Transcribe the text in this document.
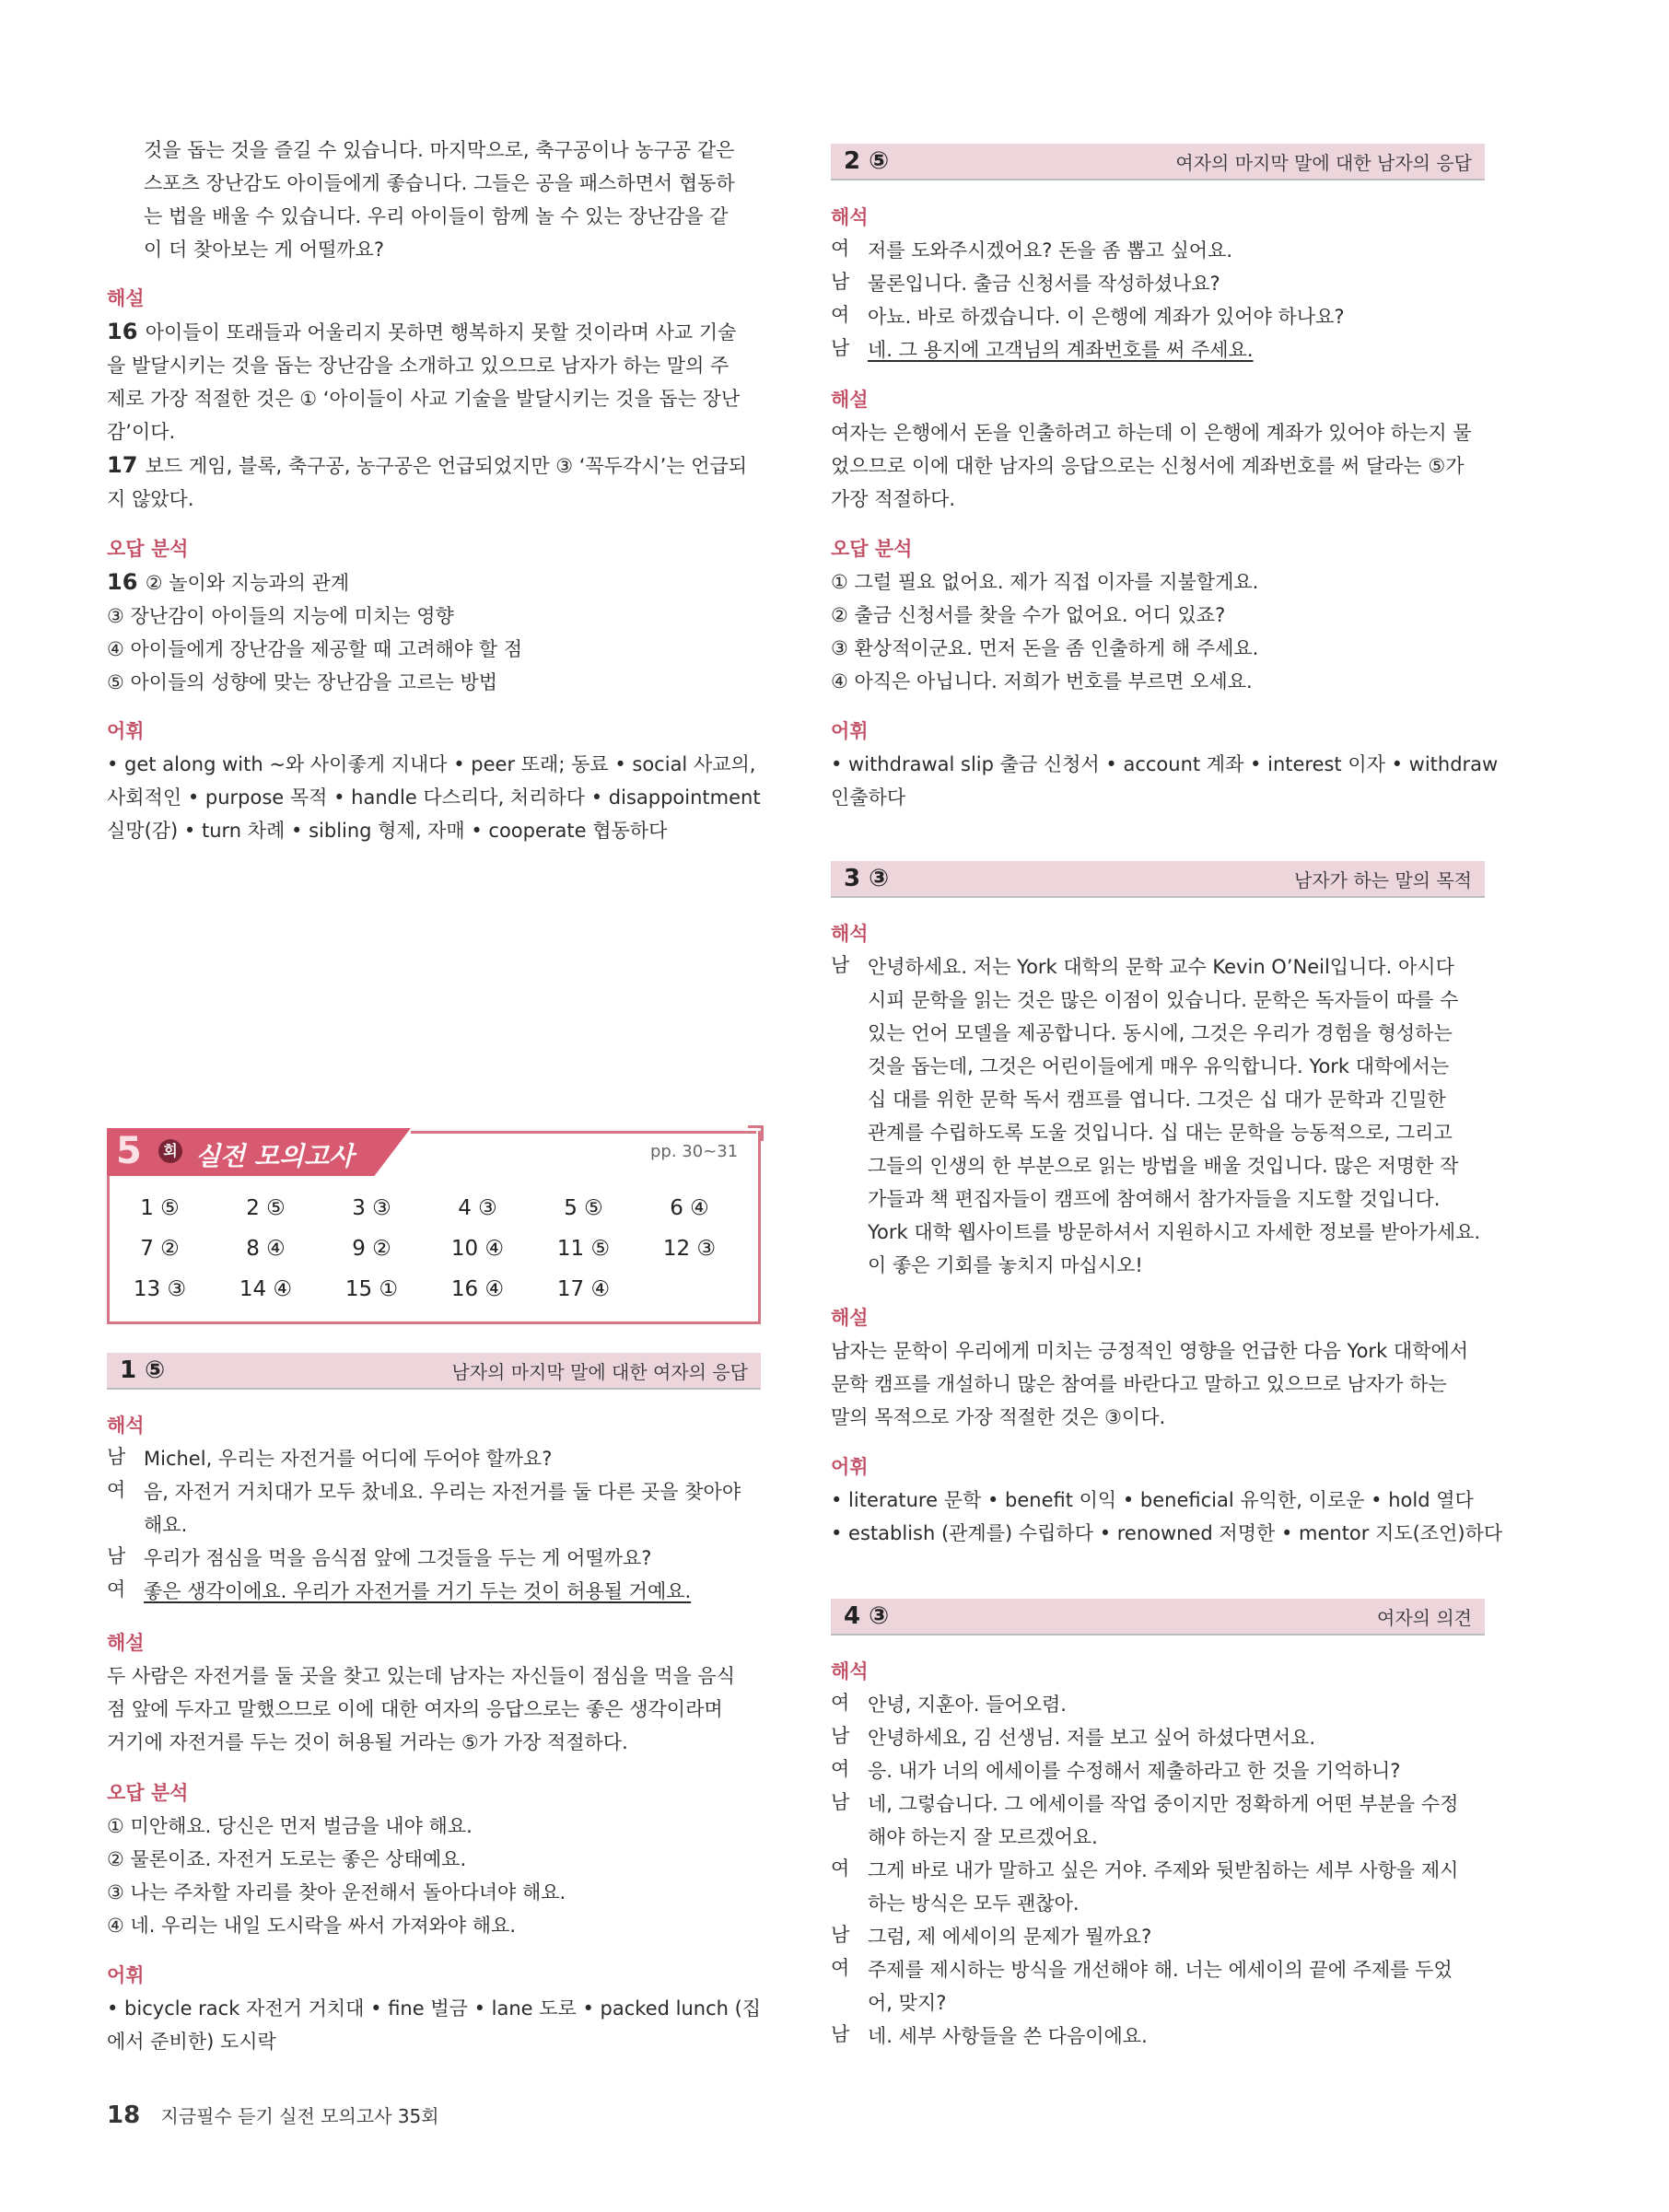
것을 돕는 것을 즐길 수 있습니다. 마지막으로, 축구공이나 농구공 같은
스포츠 장난감도 아이들에게 좋습니다. 그들은 공을 패스하면서 협동하
는 법을 배울 수 있습니다. 우리 아이들이 함께 놀 수 있는 장난감을 같
이 더 찾아보는 게 어떨까요?

해설

16 아이들이 또래들과 어울리지 못하면 행복하지 못할 것이라며 사교 기술
을 발달시키는 것을 돕는 장난감을 소개하고 있으므로 남자가 하는 말의 주
제로 가장 적절한 것은 ① ‘아이들이 사교 기술을 발달시키는 것을 돕는 장난
감’이다.
17 보드 게임, 블록, 축구공, 농구공은 언급되었지만 ③ ‘꼭두각시’는 언급되
지 않았다.

오답 분석

16 ② 놀이와 지능과의 관계
③ 장난감이 아이들의 지능에 미치는 영향
④ 아이들에게 장난감을 제공할 때 고려해야 할 점
⑤ 아이들의 성향에 맞는 장난감을 고르는 방법

어휘

• get along with ~와 사이좋게 지내다 • peer 또래; 동료 • social 사교의,
사회적인 • purpose 목적 • handle 다스리다, 처리하다 • disappointment
실망(감) • turn 차례 • sibling 형제, 자매 • cooperate 협동하다
5	회 실전 모의고사	pp. 30~31
1 ⑤	2 ⑤	3 ③	4 ③	5 ⑤	6 ④
7 ②	8 ④	9 ②	10 ④	11 ⑤	12 ③
13 ③	14 ④	15 ①	16 ④	17 ④
1 ⑤	남자의 마지막 말에 대한 여자의 응답

해석

남 Michel, 우리는 자전거를 어디에 두어야 할까요?
여 음, 자전거 거치대가 모두 찼네요. 우리는 자전거를 둘 다른 곳을 찾아야
해요.
남 우리가 점심을 먹을 음식점 앞에 그것들을 두는 게 어떨까요?
여 좋은 생각이에요. 우리가 자전거를 거기 두는 것이 허용될 거예요.

해설

두 사람은 자전거를 둘 곳을 찾고 있는데 남자는 자신들이 점심을 먹을 음식
점 앞에 두자고 말했으므로 이에 대한 여자의 응답으로는 좋은 생각이라며
거기에 자전거를 두는 것이 허용될 거라는 ⑤가 가장 적절하다.

오답 분석

① 미안해요. 당신은 먼저 벌금을 내야 해요.
② 물론이죠. 자전거 도로는 좋은 상태예요.
③ 나는 주차할 자리를 찾아 운전해서 돌아다녀야 해요.
④ 네. 우리는 내일 도시락을 싸서 가져와야 해요.

어휘

• bicycle rack 자전거 거치대 • fine 벌금 • lane 도로 • packed lunch (집
에서 준비한) 도시락
2 ⑤	여자의 마지막 말에 대한 남자의 응답

해석

여 저를 도와주시겠어요? 돈을 좀 뽑고 싶어요.
남 물론입니다. 출금 신청서를 작성하셨나요?
여 아뇨. 바로 하겠습니다. 이 은행에 계좌가 있어야 하나요?
남 네. 그 용지에 고객님의 계좌번호를 써 주세요.

해설

여자는 은행에서 돈을 인출하려고 하는데 이 은행에 계좌가 있어야 하는지 물
었으므로 이에 대한 남자의 응답으로는 신청서에 계좌번호를 써 달라는 ⑤가
가장 적절하다.

오답 분석

① 그럴 필요 없어요. 제가 직접 이자를 지불할게요.
② 출금 신청서를 찾을 수가 없어요. 어디 있죠?
③ 환상적이군요. 먼저 돈을 좀 인출하게 해 주세요.
④ 아직은 아닙니다. 저희가 번호를 부르면 오세요.

어휘

• withdrawal slip 출금 신청서 • account 계좌 • interest 이자 • withdraw
인출하다
3 ③	남자가 하는 말의 목적

해석

남 안녕하세요. 저는 York 대학의 문학 교수 Kevin O’Neil입니다. 아시다
시피 문학을 읽는 것은 많은 이점이 있습니다. 문학은 독자들이 따를 수
있는 언어 모델을 제공합니다. 동시에, 그것은 우리가 경험을 형성하는
것을 돕는데, 그것은 어린이들에게 매우 유익합니다. York 대학에서는
십 대를 위한 문학 독서 캠프를 엽니다. 그것은 십 대가 문학과 긴밀한
관계를 수립하도록 도울 것입니다. 십 대는 문학을 능동적으로, 그리고
그들의 인생의 한 부분으로 읽는 방법을 배울 것입니다. 많은 저명한 작
가들과 책 편집자들이 캠프에 참여해서 참가자들을 지도할 것입니다.
York 대학 웹사이트를 방문하셔서 지원하시고 자세한 정보를 받아가세요.
이 좋은 기회를 놓치지 마십시오!

해설

남자는 문학이 우리에게 미치는 긍정적인 영향을 언급한 다음 York 대학에서
문학 캠프를 개설하니 많은 참여를 바란다고 말하고 있으므로 남자가 하는
말의 목적으로 가장 적절한 것은 ③이다.

어휘

• literature 문학 • benefit 이익 • beneficial 유익한, 이로운 • hold 열다
• establish (관계를) 수립하다 • renowned 저명한 • mentor 지도(조언)하다
4 ③	여자의 의견

해석

여 안녕, 지훈아. 들어오렴.
남 안녕하세요, 김 선생님. 저를 보고 싶어 하셨다면서요.
여 응. 내가 너의 에세이를 수정해서 제출하라고 한 것을 기억하니?
남 네, 그렇습니다. 그 에세이를 작업 중이지만 정확하게 어떤 부분을 수정
해야 하는지 잘 모르겠어요.
여 그게 바로 내가 말하고 싶은 거야. 주제와 뒷받침하는 세부 사항을 제시
하는 방식은 모두 괜찮아.
남 그럼, 제 에세이의 문제가 뭘까요?
여 주제를 제시하는 방식을 개선해야 해. 너는 에세이의 끝에 주제를 두었
어, 맞지?
남 네. 세부 사항들을 쓴 다음이에요.
18 지금필수 듣기 실전 모의고사 35회
